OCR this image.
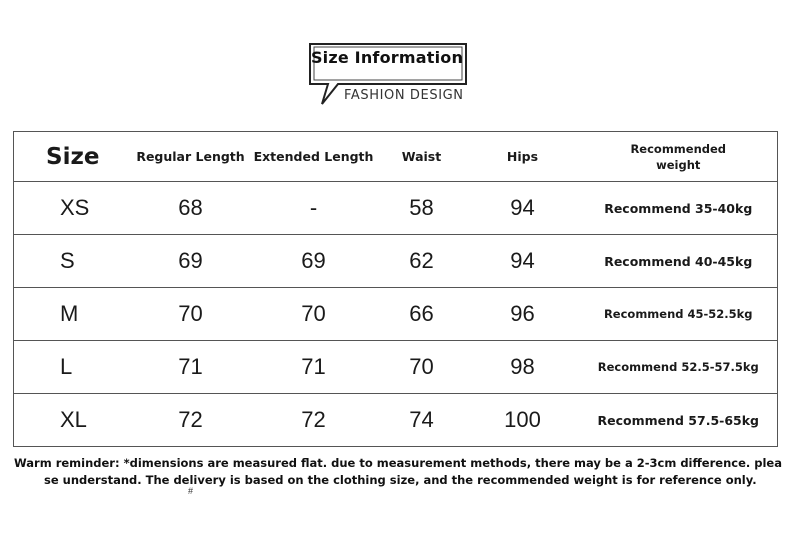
Size Information
FASHION DESIGN
Size	Regular Length	Extended Length	Waist	Hips	Recommended
weight
XS	68	-	58	94	Recommend 35-40kg
S	69	69	62	94	Recommend 40-45kg
M	70	70	66	96	Recommend 45-52.5kg
L	71	71	70	98	Recommend 52.5-57.5kg
XL	72	72	74	100	Recommend 57.5-65kg
Warm reminder: *dimensions are measured flat. due to measurement methods, there may be a 2-3cm difference. plea
se understand. The delivery is based on the clothing size, and the recommended weight is for reference only.
#
